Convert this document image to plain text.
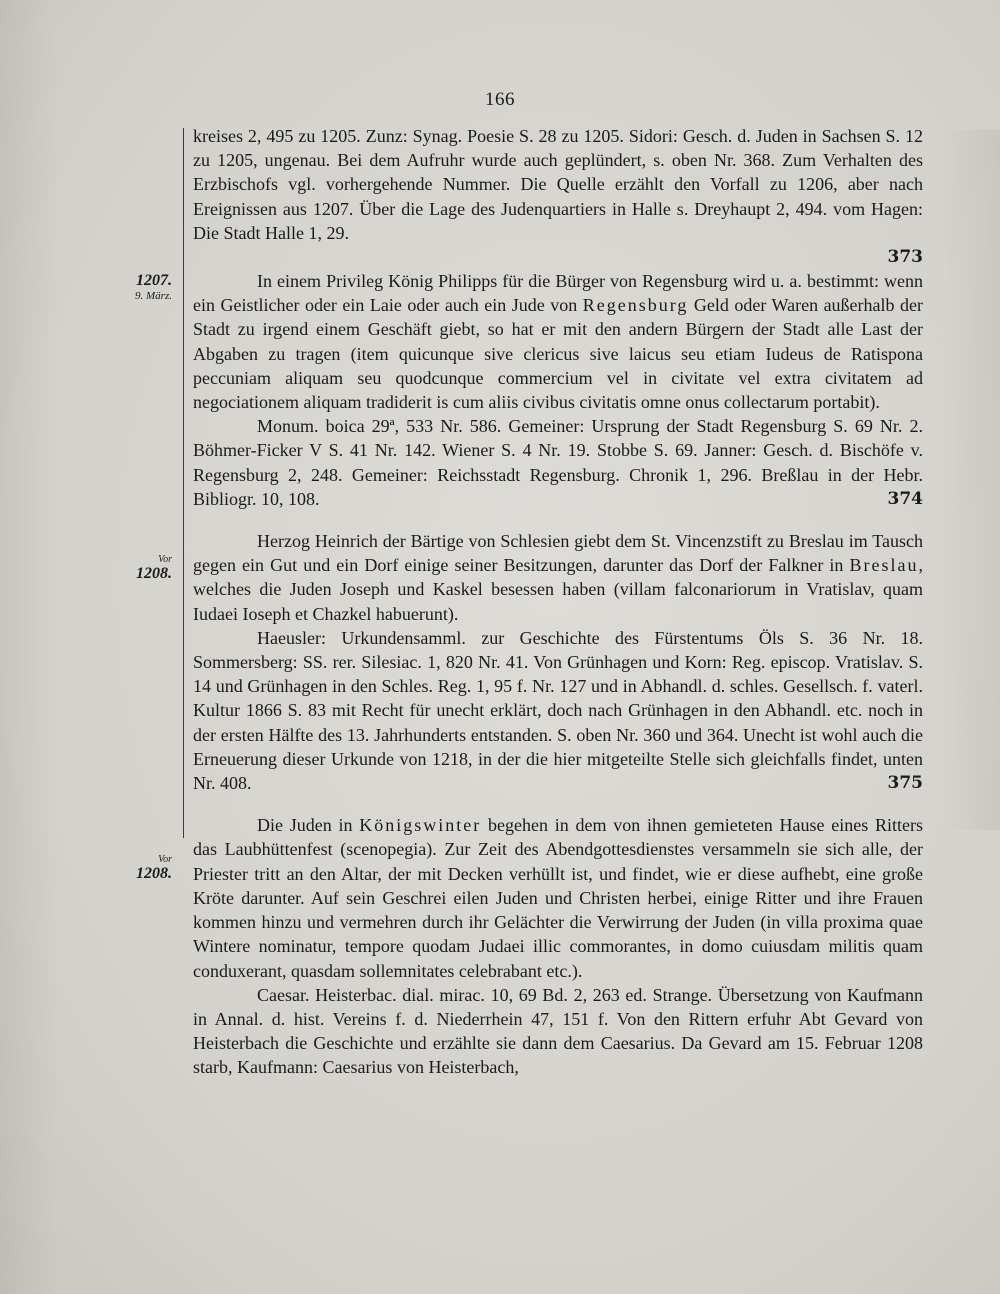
166
1207.
9. März.
Vor
1208.
Vor
1208.

kreises 2, 495 zu 1205. Zunz: Synag. Poesie S. 28 zu 1205. Sidori: Gesch. d. Juden in Sachsen S. 12 zu 1205, ungenau. Bei dem Aufruhr wurde auch geplündert, s. oben Nr. 368. Zum Verhalten des Erzbischofs vgl. vorhergehende Nummer. Die Quelle erzählt den Vorfall zu 1206, aber nach Ereignissen aus 1207. Über die Lage des Judenquartiers in Halle s. Dreyhaupt 2, 494. vom Hagen: Die Stadt Halle 1, 29.

373

In einem Privileg König Philipps für die Bürger von Regensburg wird u. a. bestimmt: wenn ein Geistlicher oder ein Laie oder auch ein Jude von Regensburg Geld oder Waren außerhalb der Stadt zu irgend einem Geschäft giebt, so hat er mit den andern Bürgern der Stadt alle Last der Abgaben zu tragen (item quicunque sive clericus sive laicus seu etiam Iudeus de Ratispona peccuniam aliquam seu quodcunque commercium vel in civitate vel extra civitatem ad negociationem aliquam tradiderit is cum aliis civibus civitatis omne onus collectarum portabit).

Monum. boica 29ª, 533 Nr. 586. Gemeiner: Ursprung der Stadt Regensburg S. 69 Nr. 2. Böhmer-Ficker V S. 41 Nr. 142. Wiener S. 4 Nr. 19. Stobbe S. 69. Janner: Gesch. d. Bischöfe v. Regensburg 2, 248. Gemeiner: Reichsstadt Regensburg. Chronik 1, 296. Breßlau in der Hebr. Bibliogr. 10, 108.	374

Herzog Heinrich der Bärtige von Schlesien giebt dem St. Vincenzstift zu Breslau im Tausch gegen ein Gut und ein Dorf einige seiner Besitzungen, darunter das Dorf der Falkner in Breslau, welches die Juden Joseph und Kaskel besessen haben (villam falconariorum in Vratislav, quam Iudaei Ioseph et Chazkel habuerunt).

Haeusler: Urkundensamml. zur Geschichte des Fürstentums Öls S. 36 Nr. 18. Sommersberg: SS. rer. Silesiac. 1, 820 Nr. 41. Von Grünhagen und Korn: Reg. episcop. Vratislav. S. 14 und Grünhagen in den Schles. Reg. 1, 95 f. Nr. 127 und in Abhandl. d. schles. Gesellsch. f. vaterl. Kultur 1866 S. 83 mit Recht für unecht erklärt, doch nach Grünhagen in den Abhandl. etc. noch in der ersten Hälfte des 13. Jahrhunderts entstanden. S. oben Nr. 360 und 364. Unecht ist wohl auch die Erneuerung dieser Urkunde von 1218, in der die hier mitgeteilte Stelle sich gleichfalls findet, unten Nr. 408.	375

Die Juden in Königswinter begehen in dem von ihnen gemieteten Hause eines Ritters das Laubhüttenfest (scenopegia). Zur Zeit des Abendgottesdienstes versammeln sie sich alle, der Priester tritt an den Altar, der mit Decken verhüllt ist, und findet, wie er diese aufhebt, eine große Kröte darunter. Auf sein Geschrei eilen Juden und Christen herbei, einige Ritter und ihre Frauen kommen hinzu und vermehren durch ihr Gelächter die Verwirrung der Juden (in villa proxima quae Wintere nominatur, tempore quodam Judaei illic commorantes, in domo cuiusdam militis quam conduxerant, quasdam sollemnitates celebrabant etc.).

Caesar. Heisterbac. dial. mirac. 10, 69 Bd. 2, 263 ed. Strange. Übersetzung von Kaufmann in Annal. d. hist. Vereins f. d. Niederrhein 47, 151 f. Von den Rittern erfuhr Abt Gevard von Heisterbach die Geschichte und erzählte sie dann dem Caesarius. Da Gevard am 15. Februar 1208 starb, Kaufmann: Caesarius von Heisterbach,
